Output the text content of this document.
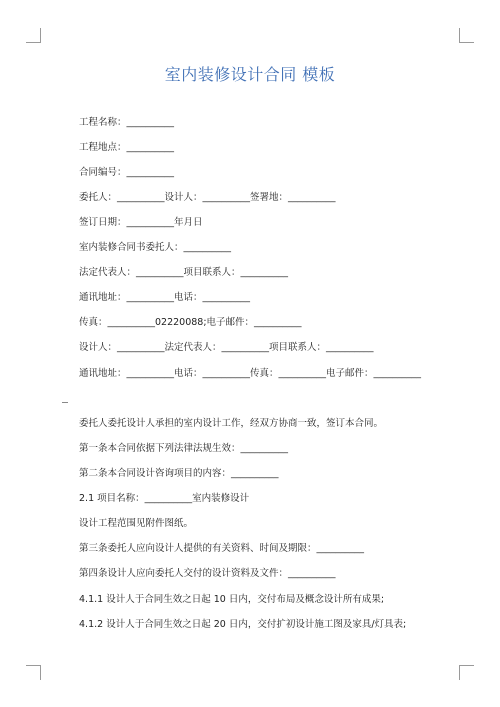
室内装修设计合同 模板
工程名称：__________
工程地点：__________
合同编号：__________
委托人：__________设计人：__________签署地：__________
签订日期：__________年月日
室内装修合同书委托人：__________
法定代表人：__________项目联系人：__________
通讯地址：__________电话：__________
传真：__________02220088;电子邮件：__________
设计人：__________法定代表人：__________项目联系人：__________
通讯地址：__________电话：__________传真：__________电子邮件：__________
委托人委托设计人承担的室内设计工作，经双方协商一致，签订本合同。
第一条本合同依据下列法律法规生效：__________
第二条本合同设计咨询项目的内容：__________
2.1 项目名称：__________室内装修设计
设计工程范围见附件图纸。
第三条委托人应向设计人提供的有关资料、时间及期限：__________
第四条设计人应向委托人交付的设计资料及文件：__________
4.1.1 设计人于合同生效之日起 10 日内，交付布局及概念设计所有成果;
4.1.2 设计人于合同生效之日起 20 日内，交付扩初设计施工图及家具/灯具表;
